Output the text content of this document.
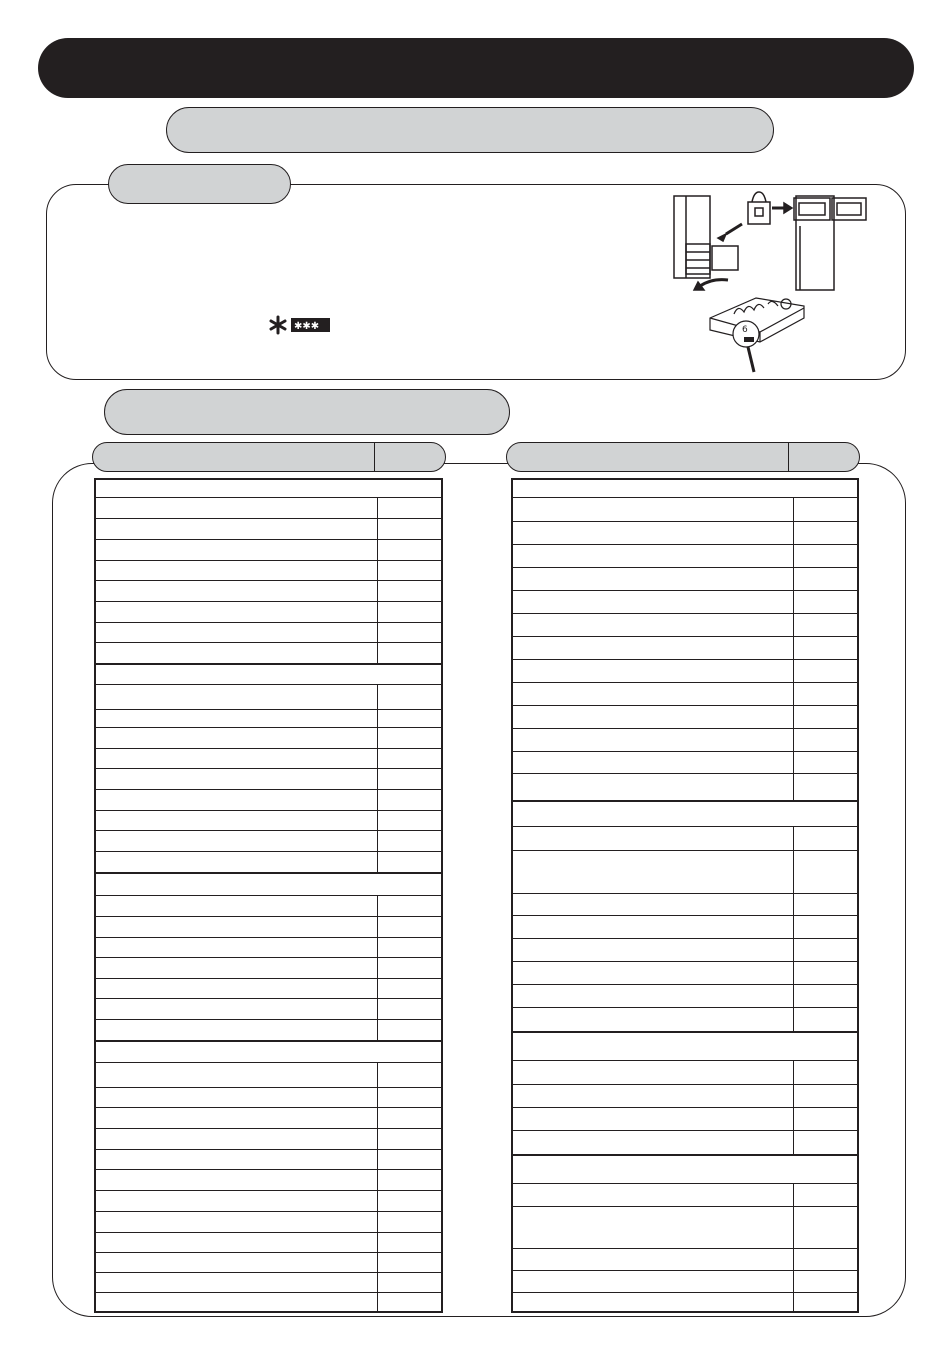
✱✱✱	6
